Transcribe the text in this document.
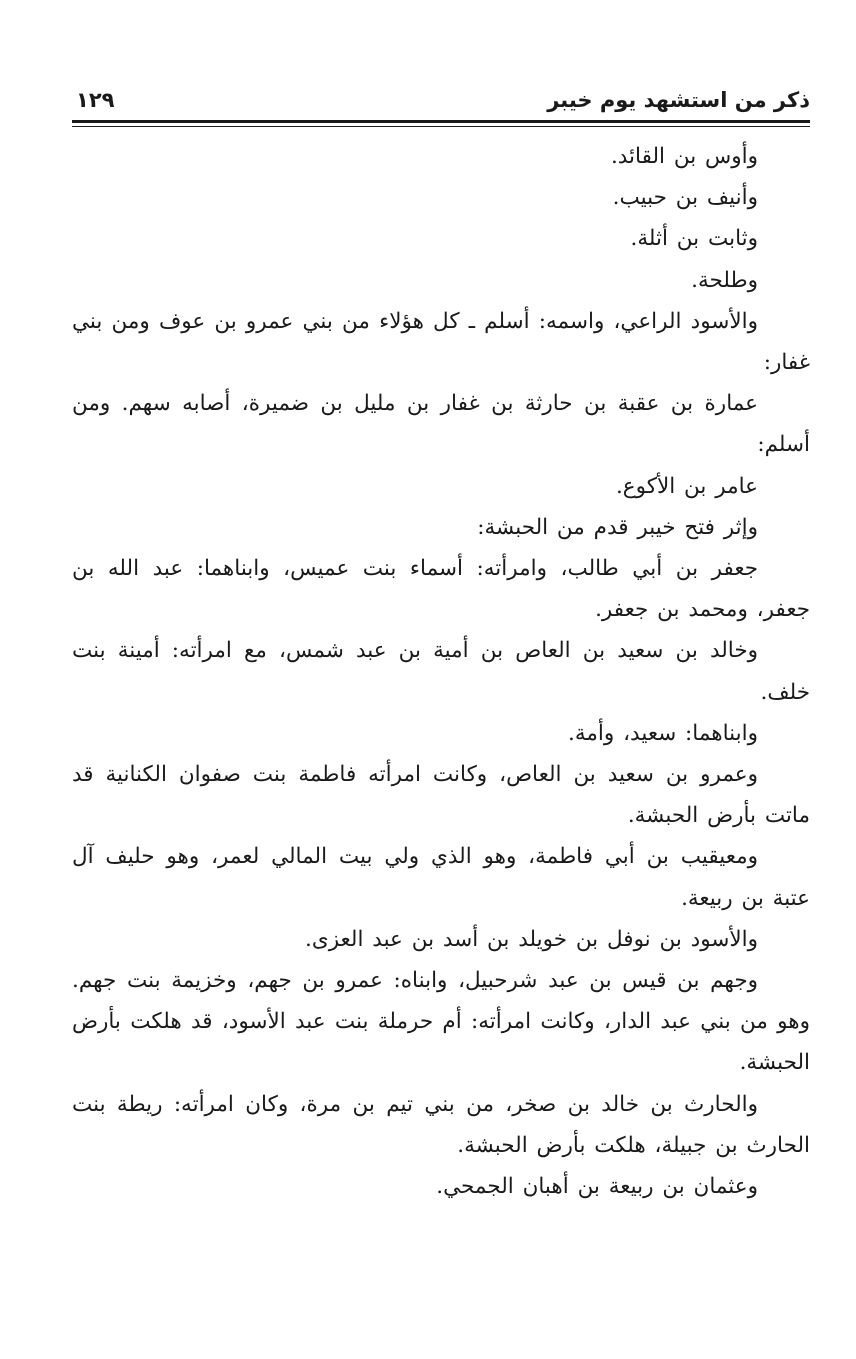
ذكر من استشهد يوم خيبر
١٢٩

وأوس بن القائد.

وأنيف بن حبيب.

وثابت بن أثلة.

وطلحة.

والأسود الراعي، واسمه: أسلم ـ كل هؤلاء من بني عمرو بن عوف ومن بني غفار:

عمارة بن عقبة بن حارثة بن غفار بن مليل بن ضميرة، أصابه سهم. ومن أسلم:

عامر بن الأكوع.

وإثر فتح خيبر قدم من الحبشة:

جعفر بن أبي طالب، وامرأته: أسماء بنت عميس، وابناهما: عبد الله بن جعفر، ومحمد بن جعفر.

وخالد بن سعيد بن العاص بن أمية بن عبد شمس، مع امرأته: أمينة بنت خلف.

وابناهما: سعيد، وأمة.

وعمرو بن سعيد بن العاص، وكانت امرأته فاطمة بنت صفوان الكنانية قد ماتت بأرض الحبشة.

ومعيقيب بن أبي فاطمة، وهو الذي ولي بيت المالي لعمر، وهو حليف آل عتبة بن ربيعة.

والأسود بن نوفل بن خويلد بن أسد بن عبد العزى.

وجهم بن قيس بن عبد شرحبيل، وابناه: عمرو بن جهم، وخزيمة بنت جهم. وهو من بني عبد الدار، وكانت امرأته: أم حرملة بنت عبد الأسود، قد هلكت بأرض الحبشة.

والحارث بن خالد بن صخر، من بني تيم بن مرة، وكان امرأته: ريطة بنت الحارث بن جبيلة، هلكت بأرض الحبشة.

وعثمان بن ربيعة بن أهبان الجمحي.
